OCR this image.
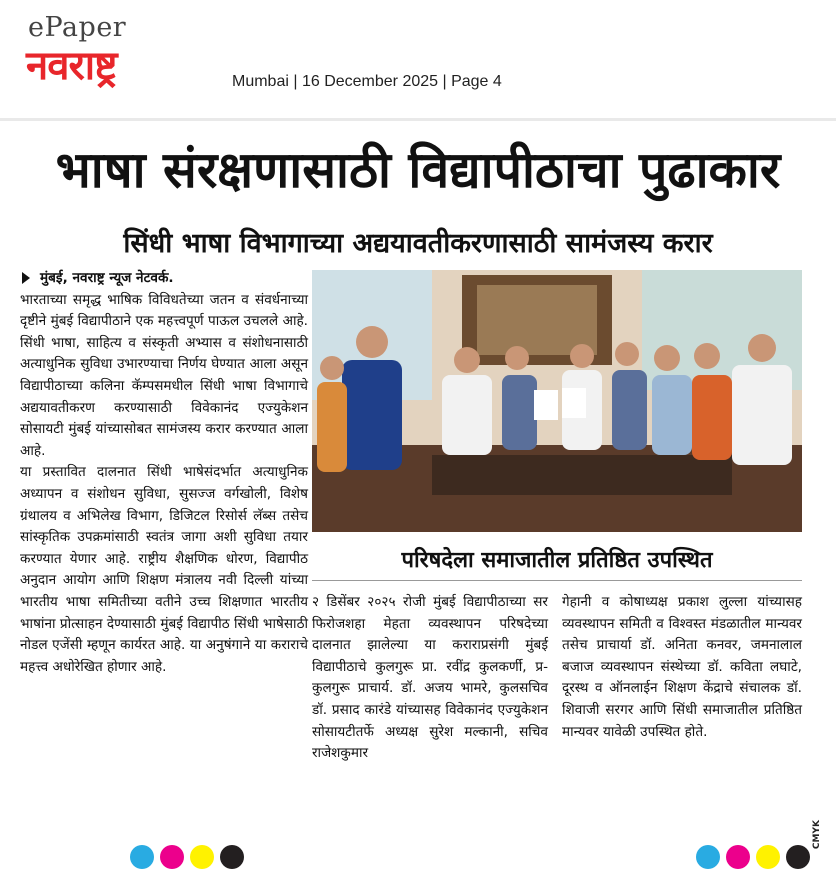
ePaper
नवराष्ट्र	Mumbai | 16 December 2025 | Page 4
भाषा संरक्षणासाठी विद्यापीठाचा पुढाकार
सिंधी भाषा विभागाच्या अद्ययावतीकरणासाठी सामंजस्य करार

मुंबई, नवराष्ट्र न्यूज नेटवर्क.

भारताच्या समृद्ध भाषिक विविधतेच्या जतन व संवर्धनाच्या दृष्टीने मुंबई विद्यापीठाने एक महत्त्वपूर्ण पाऊल उचलले आहे. सिंधी भाषा, साहित्य व संस्कृती अभ्यास व संशोधनासाठी अत्याधुनिक सुविधा उभारण्याचा निर्णय घेण्यात आला असून विद्यापीठाच्या कलिना कॅम्पसमधील सिंधी भाषा विभागाचे अद्ययावतीकरण करण्यासाठी विवेकानंद एज्युकेशन सोसायटी मुंबई यांच्यासोबत सामंजस्य करार करण्यात आला आहे.

या प्रस्तावित दालनात सिंधी भाषेसंदर्भात अत्याधुनिक अध्यापन व संशोधन सुविधा, सुसज्ज वर्गखोली, विशेष ग्रंथालय व अभिलेख विभाग, डिजिटल रिसोर्स लॅब्स तसेच सांस्कृतिक उपक्रमांसाठी स्वतंत्र जागा अशी सुविधा तयार करण्यात येणार आहे. राष्ट्रीय शैक्षणिक धोरण, विद्यापीठ अनुदान आयोग आणि शिक्षण मंत्रालय नवी दिल्ली यांच्या भारतीय भाषा समितीच्या वतीने उच्च शिक्षणात भारतीय भाषांना प्रोत्साहन देण्यासाठी मुंबई विद्यापीठ सिंधी भाषेसाठी नोडल एजेंसी म्हणून कार्यरत आहे. या अनुषंगाने या कराराचे महत्त्व अधोरेखित होणार आहे.

परिषदेला समाजातील प्रतिष्ठित उपस्थित

२ डिसेंबर २०२५ रोजी मुंबई विद्यापीठाच्या सर फिरोजशहा मेहता व्यवस्थापन परिषदेच्या दालनात झालेल्या या कराराप्रसंगी मुंबई विद्यापीठाचे कुलगुरू प्रा. रवींद्र कुलकर्णी, प्र- कुलगुरू प्राचार्य. डॉ. अजय भामरे, कुलसचिव डॉ. प्रसाद कारंडे यांच्यासह विवेकानंद एज्युकेशन सोसायटीतर्फे अध्यक्ष सुरेश मल्कानी, सचिव राजेशकुमार

गेहानी व कोषाध्यक्ष प्रकाश लुल्ला यांच्यासह व्यवस्थापन समिती व विश्वस्त मंडळातील मान्यवर तसेच प्राचार्या डॉ. अनिता कनवर, जमनालाल बजाज व्यवस्थापन संस्थेच्या डॉ. कविता लघाटे, दूरस्थ व ऑनलाईन शिक्षण केंद्राचे संचालक डॉ. शिवाजी सरगर आणि सिंधी समाजातील प्रतिष्ठित मान्यवर यावेळी उपस्थित होते.

CMYK
